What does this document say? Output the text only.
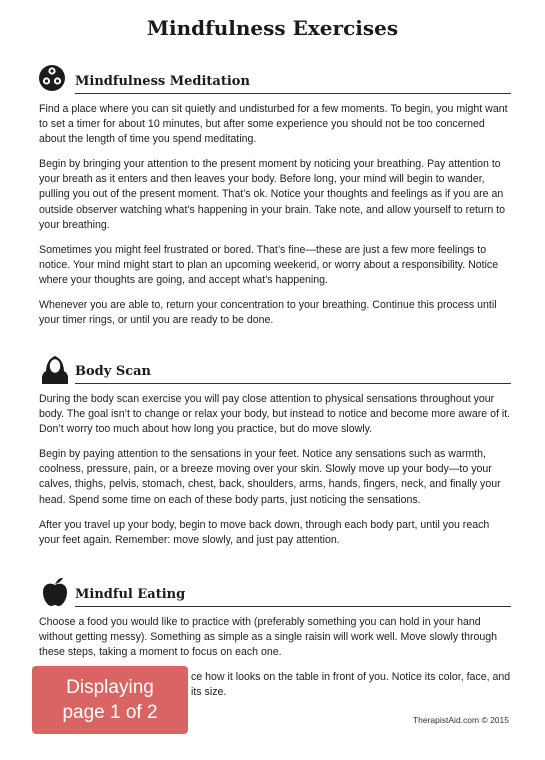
Mindfulness Exercises
Mindfulness Meditation

Find a place where you can sit quietly and undisturbed for a few moments. To begin, you might want to set a timer for about 10 minutes, but after some experience you should not be too concerned about the length of time you spend meditating.

Begin by bringing your attention to the present moment by noticing your breathing. Pay attention to your breath as it enters and then leaves your body. Before long, your mind will begin to wander, pulling you out of the present moment. That’s ok. Notice your thoughts and feelings as if you are an outside observer watching what’s happening in your brain. Take note, and allow yourself to return to your breathing.

Sometimes you might feel frustrated or bored. That’s fine—these are just a few more feelings to notice. Your mind might start to plan an upcoming weekend, or worry about a responsibility. Notice where your thoughts are going, and accept what’s happening.

Whenever you are able to, return your concentration to your breathing. Continue this process until your timer rings, or until you are ready to be done.

Body Scan

During the body scan exercise you will pay close attention to physical sensations throughout your body. The goal isn’t to change or relax your body, but instead to notice and become more aware of it. Don’t worry too much about how long you practice, but do move slowly.

Begin by paying attention to the sensations in your feet. Notice any sensations such as warmth, coolness, pressure, pain, or a breeze moving over your skin. Slowly move up your body—to your calves, thighs, pelvis, stomach, chest, back, shoulders, arms, hands, fingers, neck, and finally your head. Spend some time on each of these body parts, just noticing the sensations.

After you travel up your body, begin to move back down, through each body part, until you reach your feet again. Remember: move slowly, and just pay attention.

Mindful Eating

Choose a food you would like to practice with (preferably something you can hold in your hand without getting messy). Something as simple as a single raisin will work well. Move slowly through these steps, taking a moment to focus on each one.

ce how it looks on the table in front of you. Notice its color, face, and its size.

TherapistAid.com © 2015
Displaying
page 1 of 2
